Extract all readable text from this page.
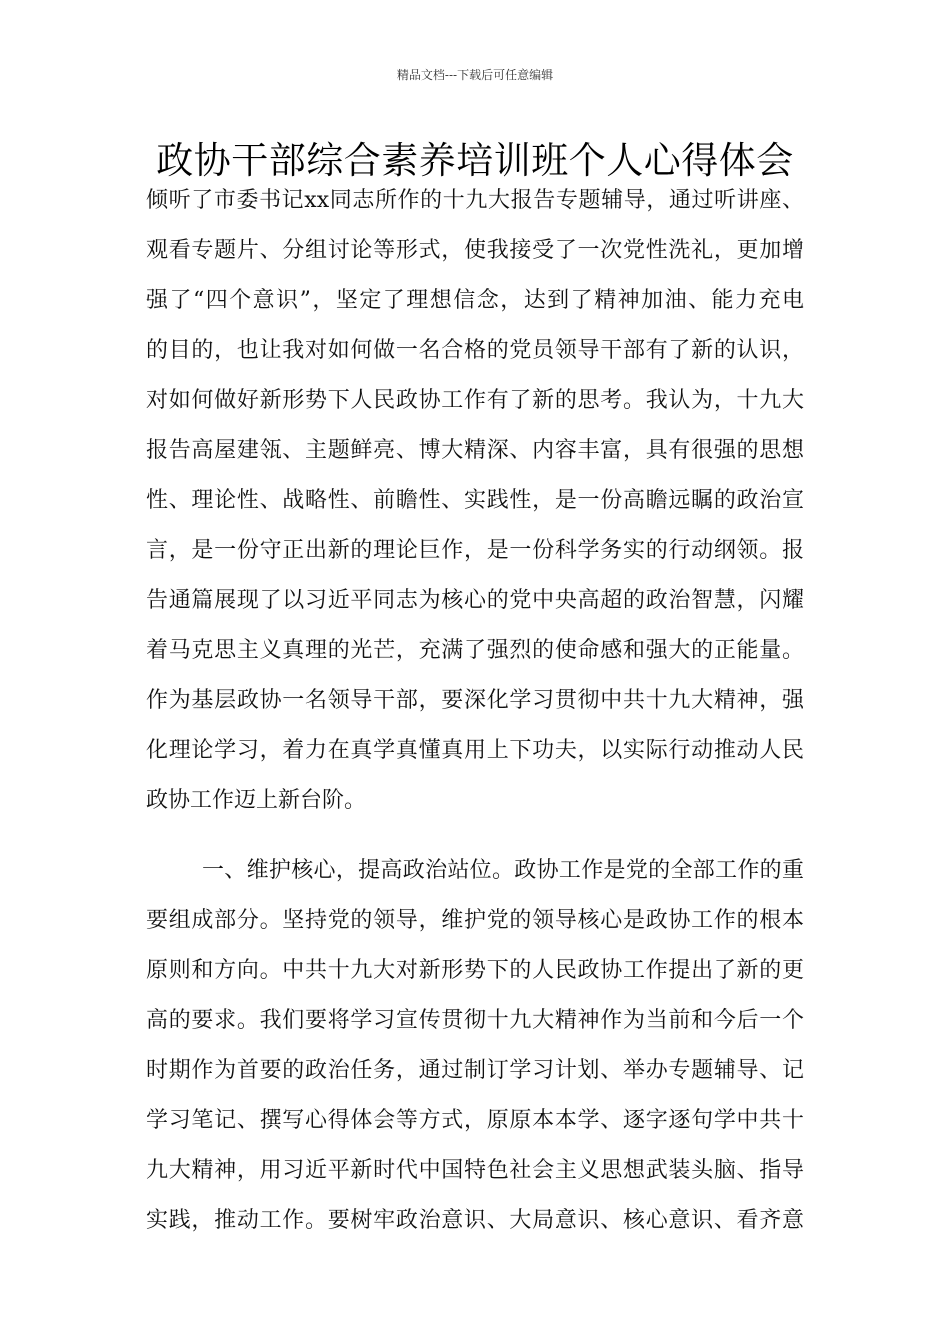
精品文档---下载后可任意编辑
政协干部综合素养培训班个人心得体会
倾听了市委书记xx同志所作的十九大报告专题辅导，通过听讲座、
观看专题片、分组讨论等形式，使我接受了一次党性洗礼，更加增
强了“四个意识”，坚定了理想信念，达到了精神加油、能力充电
的目的，也让我对如何做一名合格的党员领导干部有了新的认识，
对如何做好新形势下人民政协工作有了新的思考。我认为，十九大
报告高屋建瓴、主题鲜亮、博大精深、内容丰富，具有很强的思想
性、理论性、战略性、前瞻性、实践性，是一份高瞻远瞩的政治宣
言，是一份守正出新的理论巨作，是一份科学务实的行动纲领。报
告通篇展现了以习近平同志为核心的党中央高超的政治智慧，闪耀
着马克思主义真理的光芒，充满了强烈的使命感和强大的正能量。
作为基层政协一名领导干部，要深化学习贯彻中共十九大精神，强
化理论学习，着力在真学真懂真用上下功夫，以实际行动推动人民
政协工作迈上新台阶。
一、维护核心，提高政治站位。政协工作是党的全部工作的重
要组成部分。坚持党的领导，维护党的领导核心是政协工作的根本
原则和方向。中共十九大对新形势下的人民政协工作提出了新的更
高的要求。我们要将学习宣传贯彻十九大精神作为当前和今后一个
时期作为首要的政治任务，通过制订学习计划、举办专题辅导、记
学习笔记、撰写心得体会等方式，原原本本学、逐字逐句学中共十
九大精神，用习近平新时代中国特色社会主义思想武装头脑、指导
实践，推动工作。要树牢政治意识、大局意识、核心意识、看齐意
